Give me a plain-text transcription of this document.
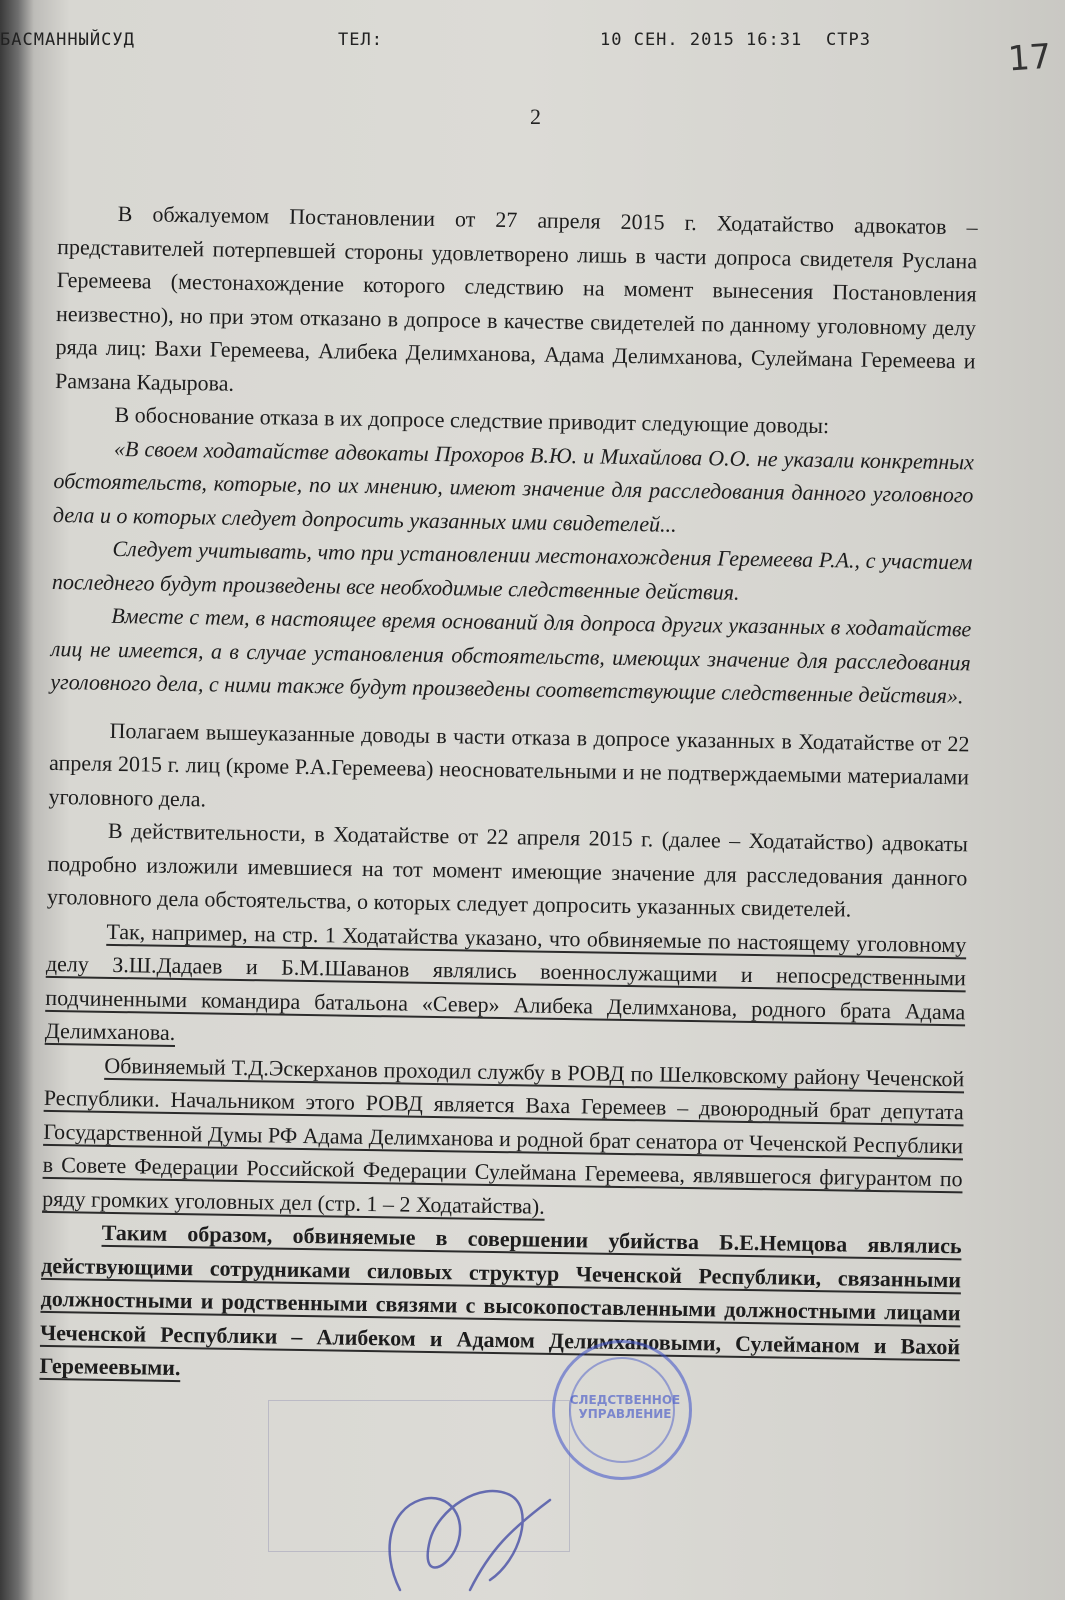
БАСМАННЫЙСУД	ТЕЛ:	10 СЕН. 2015 16:31 СТР3	17
2

В обжалуемом Постановлении от 27 апреля 2015 г. Ходатайство адвокатов – представителей потерпевшей стороны удовлетворено лишь в части допроса свидетеля Руслана Геремеева (местонахождение которого следствию на момент вынесения Постановления неизвестно), но при этом отказано в допросе в качестве свидетелей по данному уголовному делу ряда лиц: Вахи Геремеева, Алибека Делимханова, Адама Делимханова, Сулеймана Геремеева и Рамзана Кадырова.

В обоснование отказа в их допросе следствие приводит следующие доводы:

«В своем ходатайстве адвокаты Прохоров В.Ю. и Михайлова О.О. не указали конкретных обстоятельств, которые, по их мнению, имеют значение для расследования данного уголовного дела и о которых следует допросить указанных ими свидетелей...

Следует учитывать, что при установлении местонахождения Геремеева Р.А., с участием последнего будут произведены все необходимые следственные действия.

Вместе с тем, в настоящее время оснований для допроса других указанных в ходатайстве лиц не имеется, а в случае установления обстоятельств, имеющих значение для расследования уголовного дела, с ними также будут произведены соответствующие следственные действия».

Полагаем вышеуказанные доводы в части отказа в допросе указанных в Ходатайстве от 22 апреля 2015 г. лиц (кроме Р.А.Геремеева) неосновательными и не подтверждаемыми материалами уголовного дела.

В действительности, в Ходатайстве от 22 апреля 2015 г. (далее – Ходатайство) адвокаты подробно изложили имевшиеся на тот момент имеющие значение для расследования данного уголовного дела обстоятельства, о которых следует допросить указанных свидетелей.

Так, например, на стр. 1 Ходатайства указано, что обвиняемые по настоящему уголовному делу З.Ш.Дадаев и Б.М.Шаванов являлись военнослужащими и непосредственными подчиненными командира батальона «Север» Алибека Делимханова, родного брата Адама Делимханова.

Обвиняемый Т.Д.Эскерханов проходил службу в РОВД по Шелковскому району Чеченской Республики. Начальником этого РОВД является Ваха Геремеев – двоюродный брат депутата Государственной Думы РФ Адама Делимханова и родной брат сенатора от Чеченской Республики в Совете Федерации Российской Федерации Сулеймана Геремеева, являвшегося фигурантом по ряду громких уголовных дел (стр. 1 – 2 Ходатайства).

Таким образом, обвиняемые в совершении убийства Б.Е.Немцова являлись действующими сотрудниками силовых структур Чеченской Республики, связанными должностными и родственными связями с высокопоставленными должностными лицами Чеченской Республики – Алибеком и Адамом Делимхановыми, Сулейманом и Вахой Геремеевыми.

СЛЕДСТВЕННОЕ УПРАВЛЕНИЕ
